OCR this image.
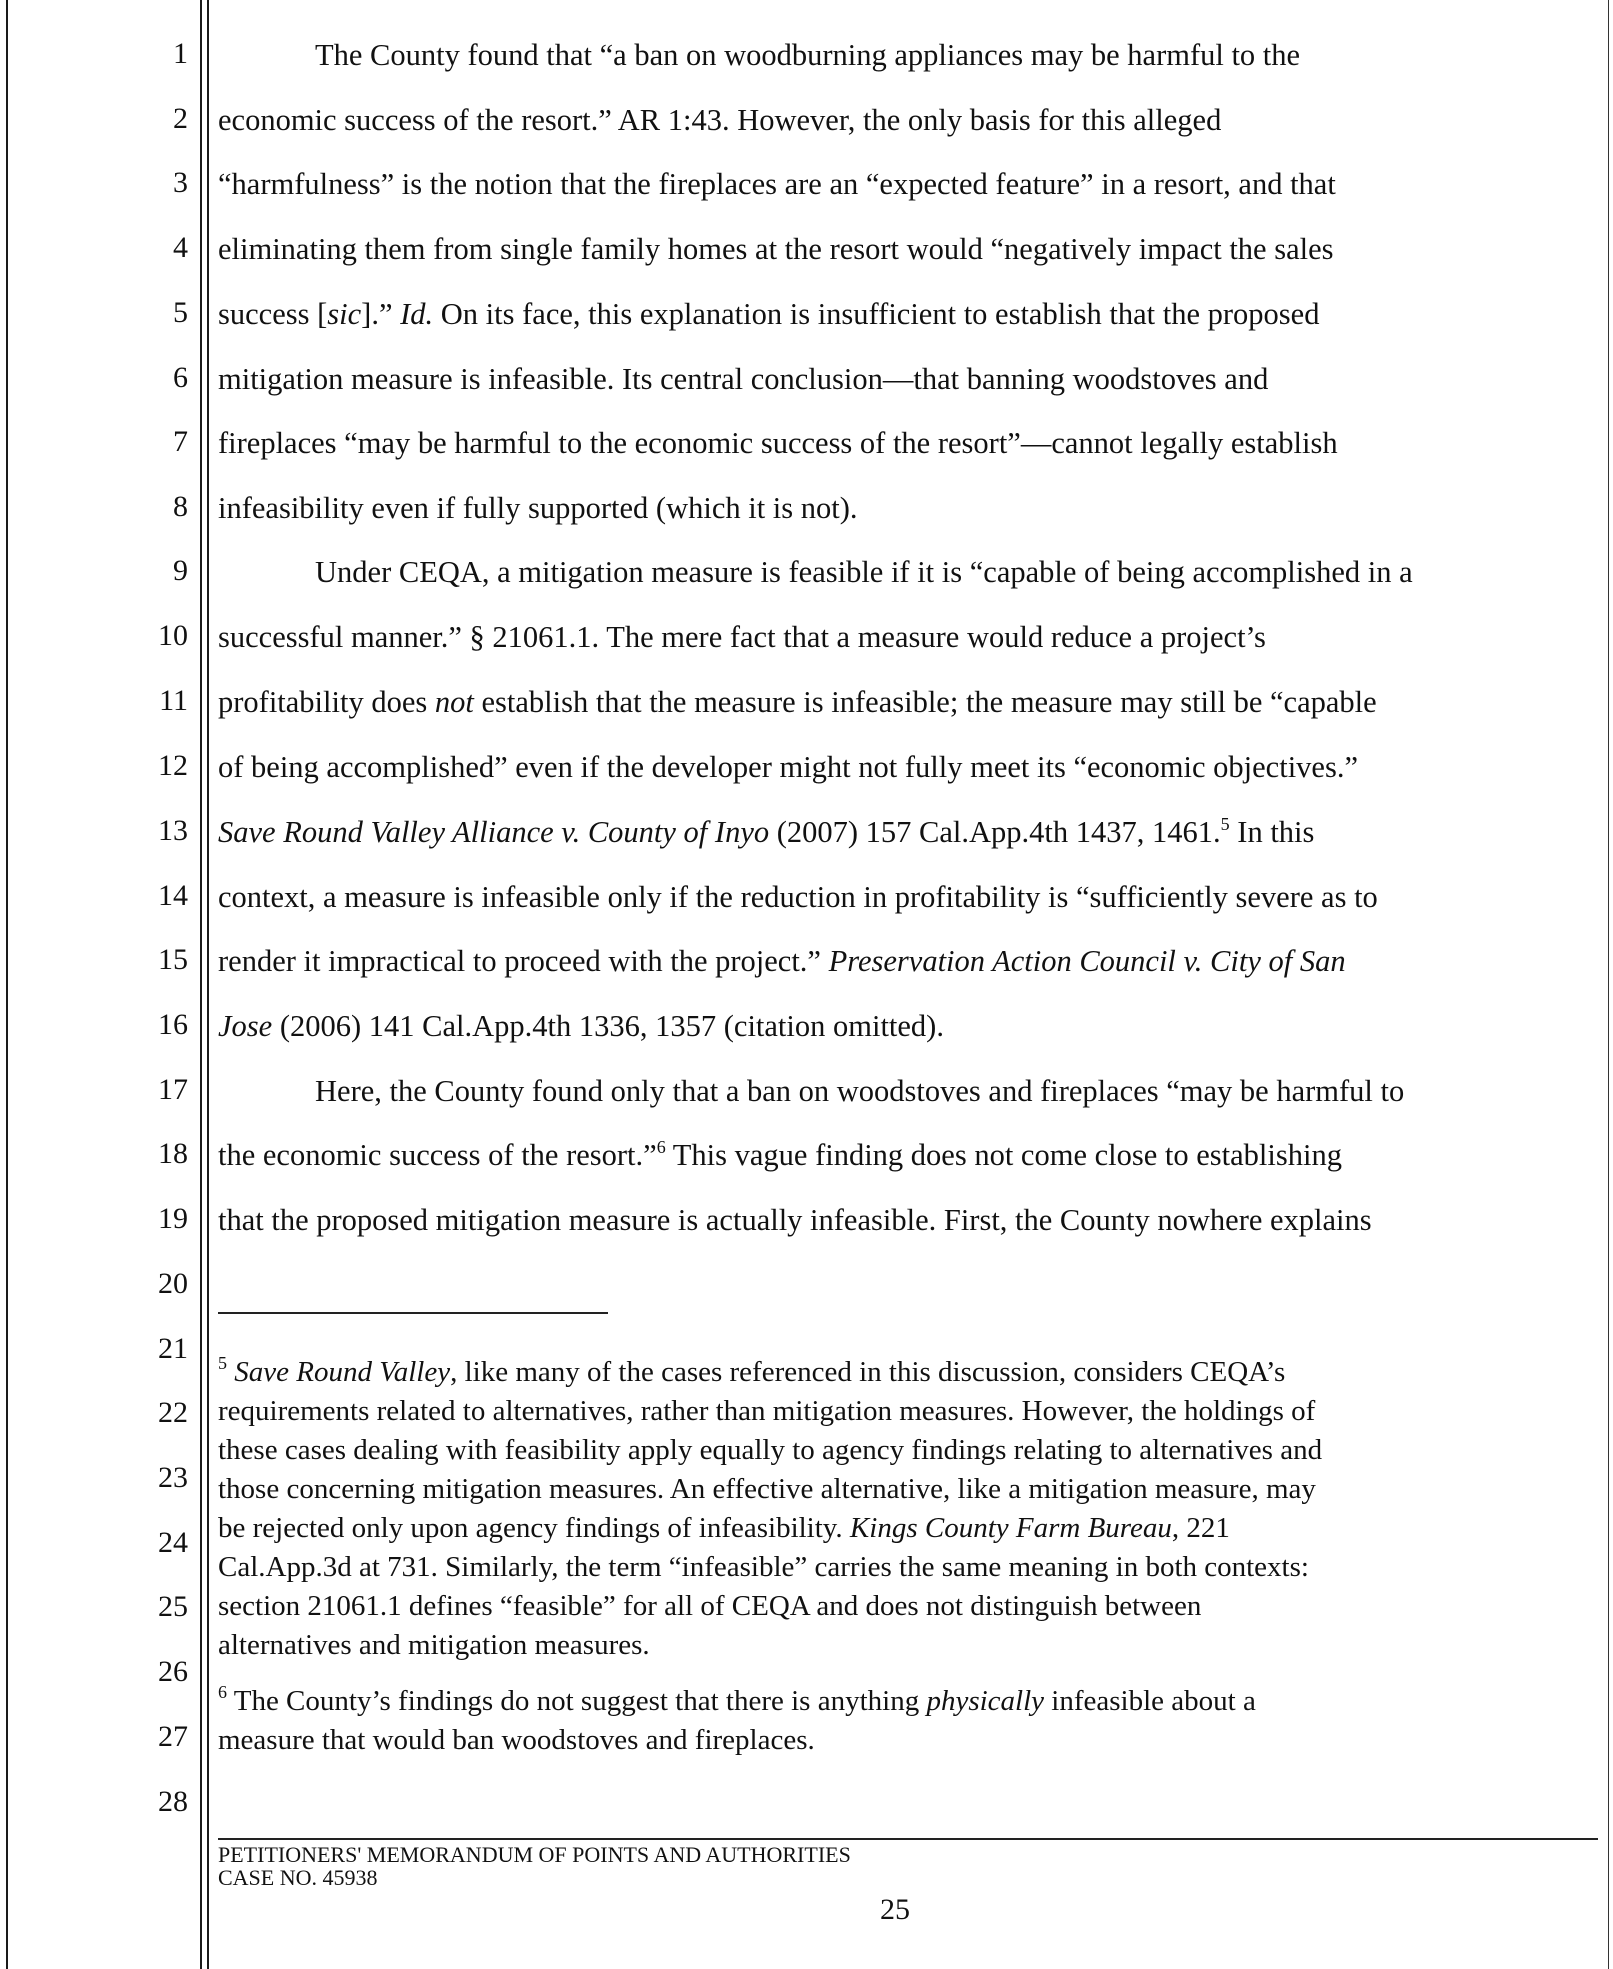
1
2
3
4
5
6
7
8
9
10
11
12
13
14
15
16
17
18
19
20
21
22
23
24
25
26
27
28
The County found that “a ban on woodburning appliances may be harmful to the
economic success of the resort.” AR 1:43. However, the only basis for this alleged
“harmfulness” is the notion that the fireplaces are an “expected feature” in a resort, and that
eliminating them from single family homes at the resort would “negatively impact the sales
success [sic].” Id. On its face, this explanation is insufficient to establish that the proposed
mitigation measure is infeasible. Its central conclusion—that banning woodstoves and
fireplaces “may be harmful to the economic success of the resort”—cannot legally establish
infeasibility even if fully supported (which it is not).
Under CEQA, a mitigation measure is feasible if it is “capable of being accomplished in a
successful manner.” § 21061.1. The mere fact that a measure would reduce a project’s
profitability does not establish that the measure is infeasible; the measure may still be “capable
of being accomplished” even if the developer might not fully meet its “economic objectives.”
Save Round Valley Alliance v. County of Inyo (2007) 157 Cal.App.4th 1437, 1461.$^5$ In this
context, a measure is infeasible only if the reduction in profitability is “sufficiently severe as to
render it impractical to proceed with the project.” Preservation Action Council v. City of San
Jose (2006) 141 Cal.App.4th 1336, 1357 (citation omitted).
Here, the County found only that a ban on woodstoves and fireplaces “may be harmful to
the economic success of the resort.”$^6$ This vague finding does not come close to establishing
that the proposed mitigation measure is actually infeasible. First, the County nowhere explains
$^5$ Save Round Valley, like many of the cases referenced in this discussion, considers CEQA’s
requirements related to alternatives, rather than mitigation measures. However, the holdings of
these cases dealing with feasibility apply equally to agency findings relating to alternatives and
those concerning mitigation measures. An effective alternative, like a mitigation measure, may
be rejected only upon agency findings of infeasibility. Kings County Farm Bureau, 221
Cal.App.3d at 731. Similarly, the term “infeasible” carries the same meaning in both contexts:
section 21061.1 defines “feasible” for all of CEQA and does not distinguish between
alternatives and mitigation measures.
$^6$ The County’s findings do not suggest that there is anything physically infeasible about a
measure that would ban woodstoves and fireplaces.
PETITIONERS' MEMORANDUM OF POINTS AND AUTHORITIES
CASE NO. 45938
25
